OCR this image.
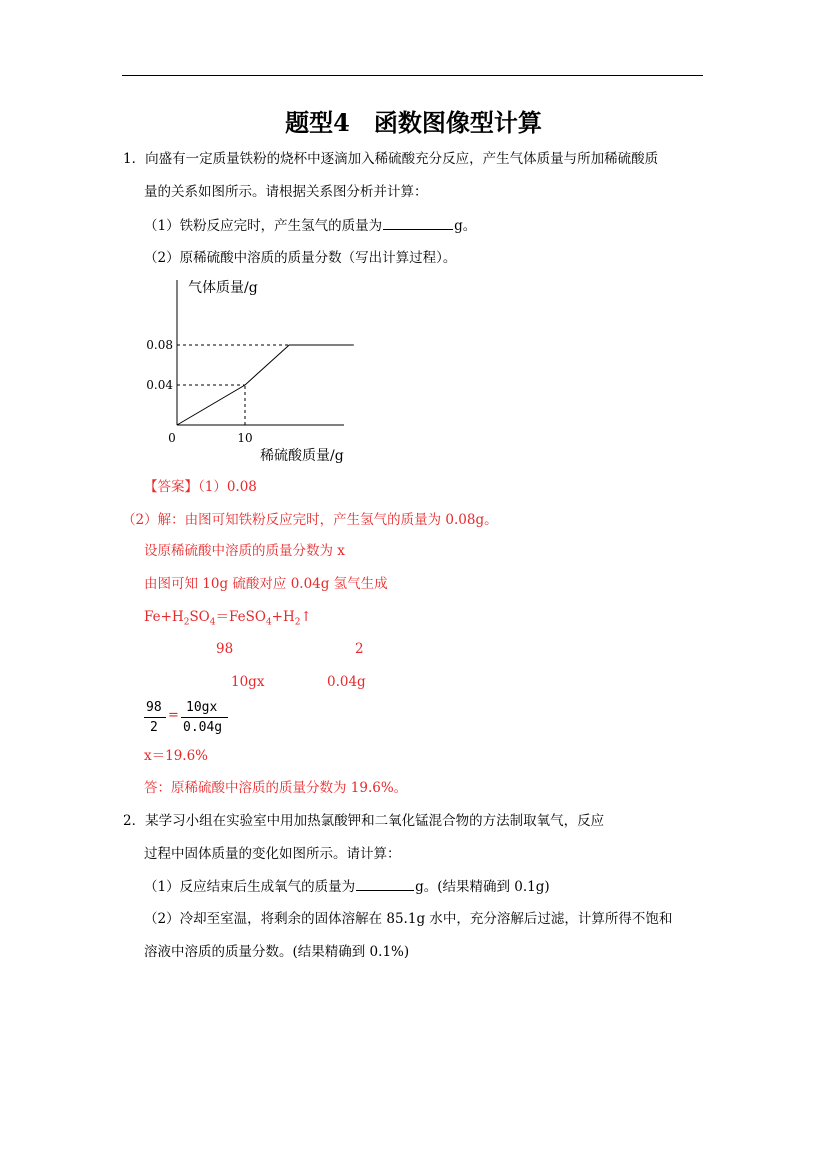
题型4　函数图像型计算
1．向盛有一定质量铁粉的烧杯中逐滴加入稀硫酸充分反应，产生气体质量与所加稀硫酸质
量的关系如图所示。请根据关系图分析并计算：
（1）铁粉反应完时，产生氢气的质量为	g。
（2）原稀硫酸中溶质的质量分数（写出计算过程）。
气体质量/g
稀硫酸质量/g
0
0.04
0.08
10
【答案】（1）0.08
（2）解：由图可知铁粉反应完时，产生氢气的质量为 0.08g。
设原稀硫酸中溶质的质量分数为 x
由图可知 10g 硫酸对应 0.04g 氢气生成
$Fe+H_2SO_4=FeSO_4+H_2↑$
98	2
10gx	0.04g
98
2
=
10gx
0.04g
x＝19.6%
答：原稀硫酸中溶质的质量分数为 19.6%。
2．某学习小组在实验室中用加热氯酸钾和二氧化锰混合物的方法制取氧气，反应
过程中固体质量的变化如图所示。请计算：
（1）反应结束后生成氧气的质量为	g。(结果精确到 0.1g)
（2）冷却至室温，将剩余的固体溶解在 85.1g 水中，充分溶解后过滤，计算所得不饱和
溶液中溶质的质量分数。(结果精确到 0.1%)
